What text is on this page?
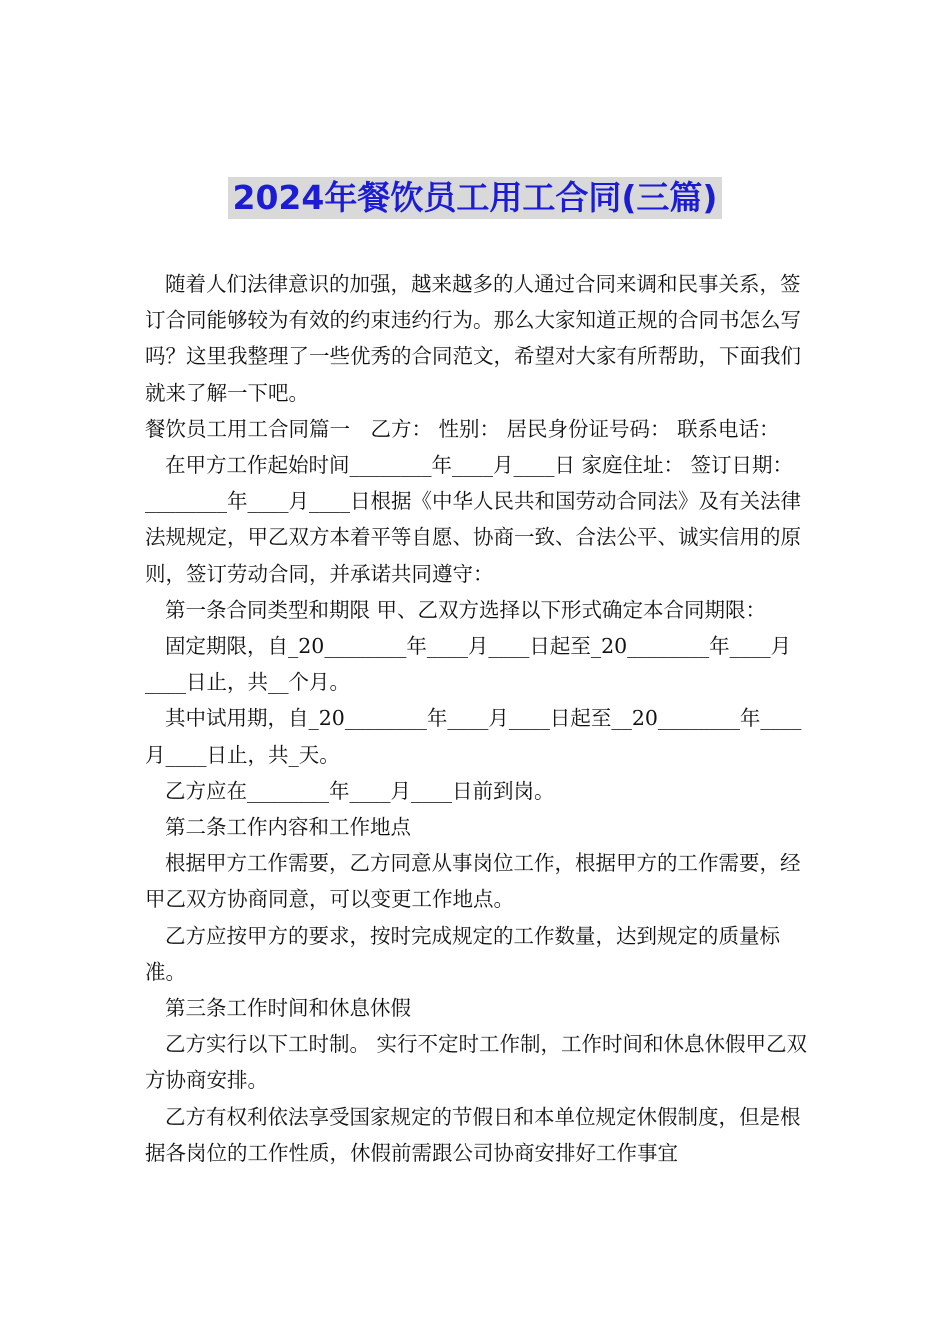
2024年餐饮员工用工合同(三篇)

随着人们法律意识的加强，越来越多的人通过合同来调和民事关系，签订合同能够较为有效的约束违约行为。那么大家知道正规的合同书怎么写吗？这里我整理了一些优秀的合同范文，希望对大家有所帮助，下面我们就来了解一下吧。

餐饮员工用工合同篇一　乙方： 性别： 居民身份证号码： 联系电话：

在甲方工作起始时间________年____月____日 家庭住址： 签订日期：________年____月____日根据《中华人民共和国劳动合同法》及有关法律法规规定，甲乙双方本着平等自愿、协商一致、合法公平、诚实信用的原则，签订劳动合同，并承诺共同遵守：

第一条合同类型和期限 甲、乙双方选择以下形式确定本合同期限：

固定期限，自_20________年____月____日起至_20________年____月____日止，共__个月。

其中试用期，自_20________年____月____日起至__20________年____月____日止，共_天。

乙方应在________年____月____日前到岗。

第二条工作内容和工作地点

根据甲方工作需要，乙方同意从事岗位工作，根据甲方的工作需要，经甲乙双方协商同意，可以变更工作地点。

乙方应按甲方的要求，按时完成规定的工作数量，达到规定的质量标准。

第三条工作时间和休息休假

乙方实行以下工时制。 实行不定时工作制，工作时间和休息休假甲乙双方协商安排。

乙方有权利依法享受国家规定的节假日和本单位规定休假制度，但是根据各岗位的工作性质，休假前需跟公司协商安排好工作事宜
